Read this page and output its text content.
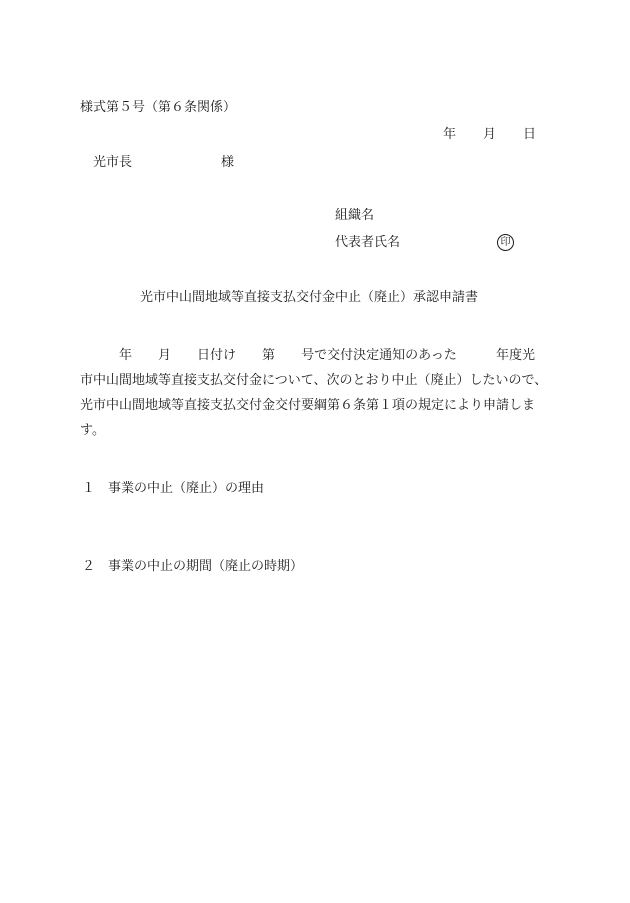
様式第５号（第６条関係）
年 月 日
光市長	様
組織名
代表者氏名	印
光市中山間地域等直接支払交付金中止（廃止）承認申請書
年 月 日付け 第 号で交付決定通知のあった	年度光
市中山間地域等直接支払交付金について、次のとおり中止（廃止）したいので、
光市中山間地域等直接支払交付金交付要綱第６条第１項の規定により申請しま
す。
１ 事業の中止（廃止）の理由
２ 事業の中止の期間（廃止の時期）
